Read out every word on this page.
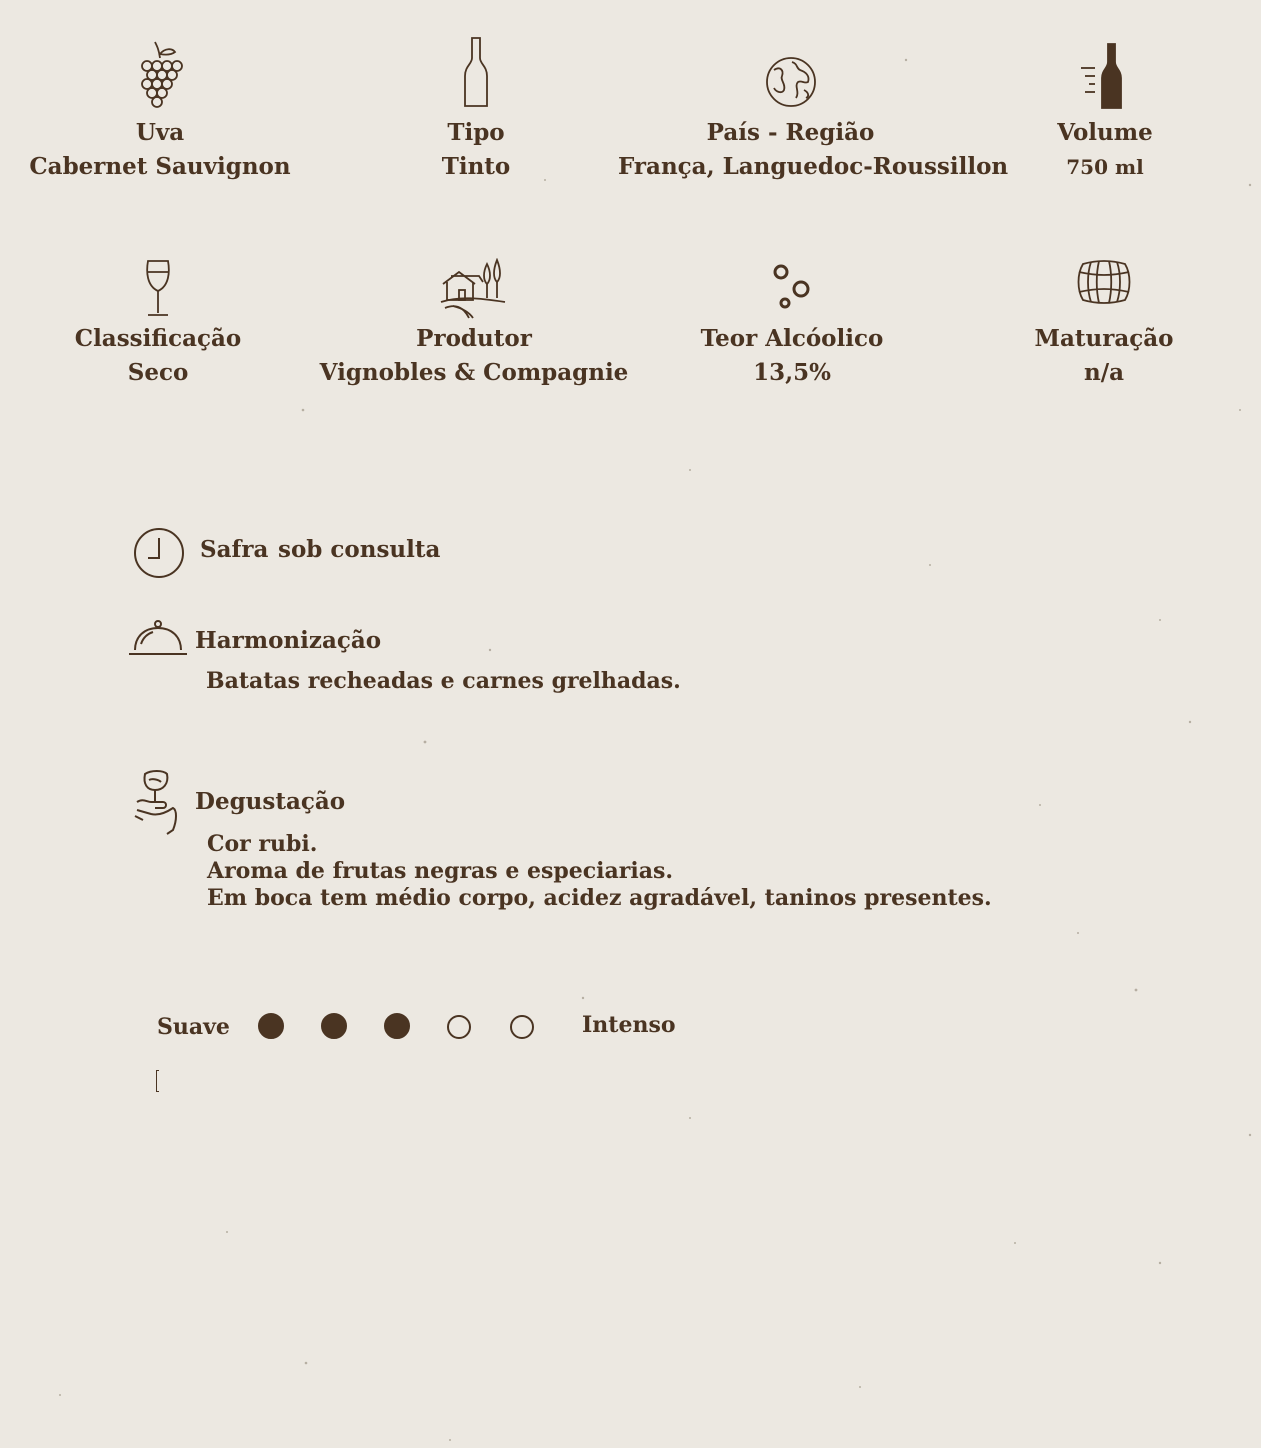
Uva
Cabernet Sauvignon
Tipo
Tinto
País - Região
França, Languedoc-Roussillon
Volume
750 ml
Classificação
Seco
Produtor
Vignobles & Compagnie
Teor Alcóolico
13,5%
Maturação
n/a
Safra sob consulta
Harmonização
Batatas recheadas e carnes grelhadas.
Degustação
Cor rubi.
Aroma de frutas negras e especiarias.
Em boca tem médio corpo, acidez agradável, taninos presentes.
Suave	Intenso
